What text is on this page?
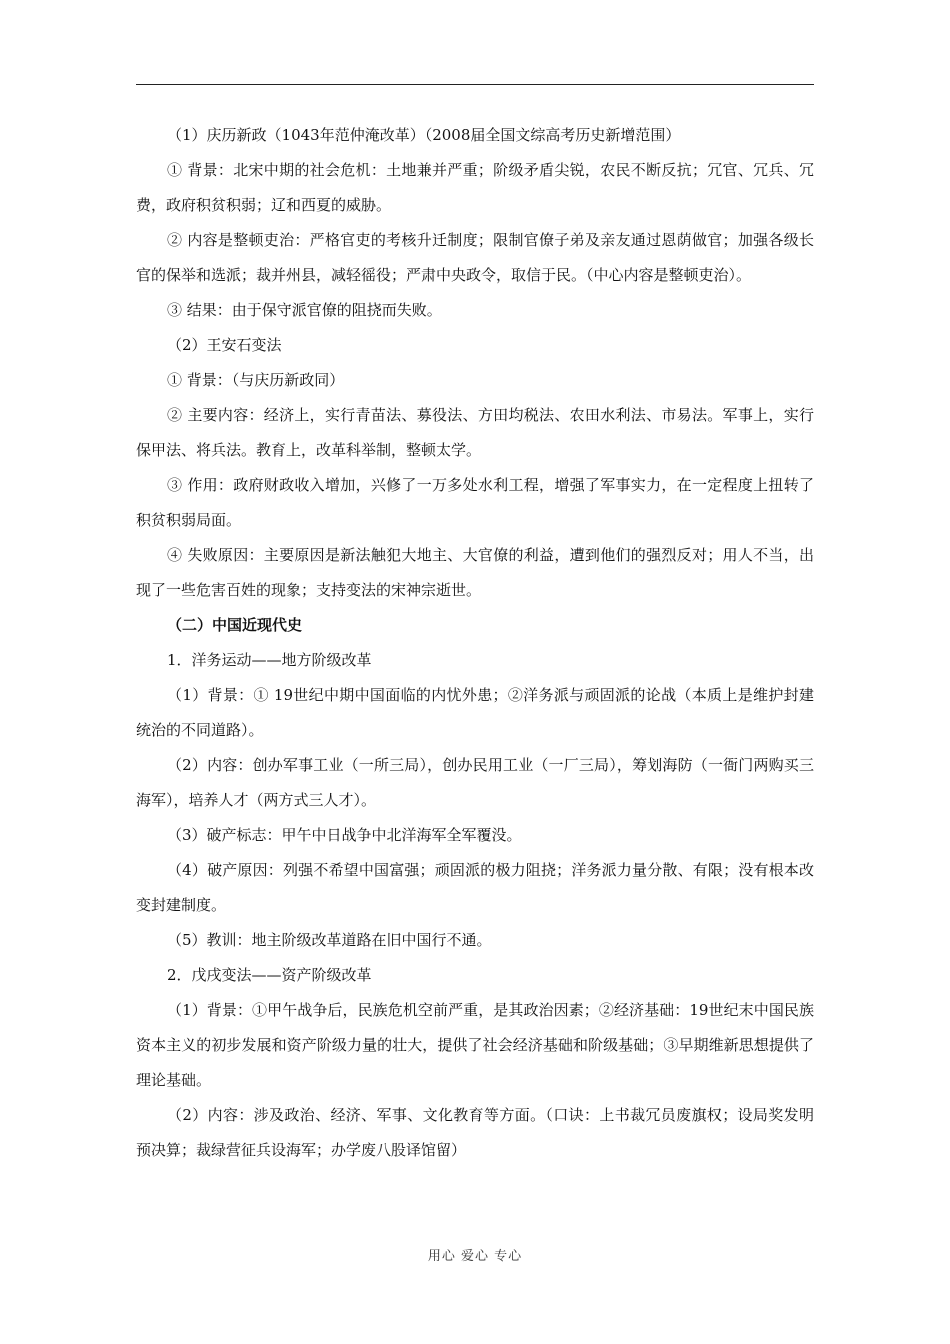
（1）庆历新政（1043年范仲淹改革）（2008届全国文综高考历史新增范围）

① 背景：北宋中期的社会危机：土地兼并严重；阶级矛盾尖锐，农民不断反抗；冗官、冗兵、冗费，政府积贫积弱；辽和西夏的威胁。

② 内容是整顿吏治：严格官吏的考核升迁制度；限制官僚子弟及亲友通过恩荫做官；加强各级长官的保举和选派；裁并州县，减轻徭役；严肃中央政令，取信于民。（中心内容是整顿吏治）。

③ 结果：由于保守派官僚的阻挠而失败。

（2）王安石变法

① 背景：（与庆历新政同）

② 主要内容：经济上，实行青苗法、募役法、方田均税法、农田水利法、市易法。军事上，实行保甲法、将兵法。教育上，改革科举制，整顿太学。

③ 作用：政府财政收入增加，兴修了一万多处水利工程，增强了军事实力，在一定程度上扭转了积贫积弱局面。

④ 失败原因：主要原因是新法触犯大地主、大官僚的利益，遭到他们的强烈反对；用人不当，出现了一些危害百姓的现象；支持变法的宋神宗逝世。

（二）中国近现代史

1．洋务运动——地方阶级改革

（1）背景：① 19世纪中期中国面临的内忧外患；②洋务派与顽固派的论战（本质上是维护封建统治的不同道路）。

（2）内容：创办军事工业（一所三局），创办民用工业（一厂三局），筹划海防（一衙门两购买三海军），培养人才（两方式三人才）。

（3）破产标志：甲午中日战争中北洋海军全军覆没。

（4）破产原因：列强不希望中国富强；顽固派的极力阻挠；洋务派力量分散、有限；没有根本改变封建制度。

（5）教训：地主阶级改革道路在旧中国行不通。

2．戊戌变法——资产阶级改革

（1）背景：①甲午战争后，民族危机空前严重，是其政治因素；②经济基础：19世纪末中国民族资本主义的初步发展和资产阶级力量的壮大，提供了社会经济基础和阶级基础；③早期维新思想提供了理论基础。

（2）内容：涉及政治、经济、军事、文化教育等方面。（口诀：上书裁冗员废旗权；设局奖发明预决算；裁绿营征兵设海军；办学废八股译馆留）

用心 爱心 专心
